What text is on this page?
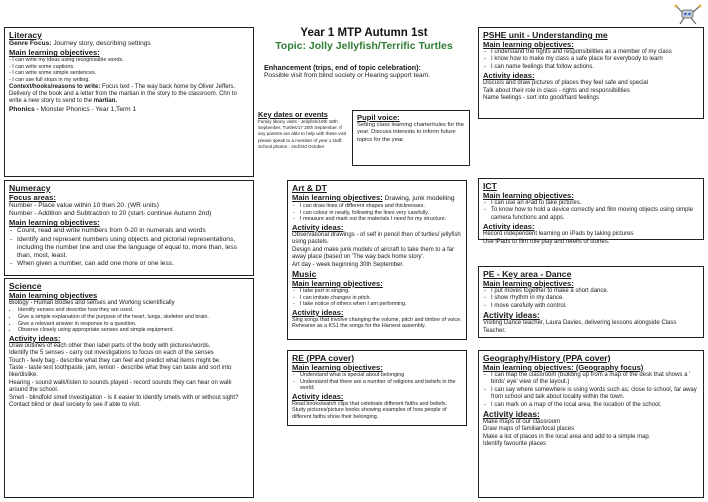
Literacy

Genre Focus: Journey story, describing settings

Main learning objectives:

- I can write my ideas using recognisable words.

- I can write some captions.

- I can write some simple sentences.

- I can use full stops in my writing.

Context/hooks/reasons to write: Focus text - The way back home by Oliver Jeffers. Delivery of the book and a letter from the martian in the story to the classroom. Chn to write a new story to send to the martian.

Phonics - Monster Phonics - Year 1,Term 1

Year 1 MTP Autumn 1st

Topic: Jolly Jellyfish/Terrific Turtles

Enhancement (trips, end of topic celebration):

Possible visit from blind society or Hearing support team.

Key dates or events

Family library visits - Jellyfish/19th 18th September, Turtles/17 20th September. If any parents are able to help with these visit please speak to a member of year 1 staff. School photos - 2nd/3rd October

Pupil voice:

Setting class learning charter/rules for the year. Discuss interests to inform future topics for the year.

Numeracy

Focus areas:

Number - Place value within 10 then 20. (WR units)

Number - Addition and Subtraction to 20 (start- continue Autumn 2nd)

Main learning objectives:

- Count, read and write numbers from 0-20 in numerals and words
- Identify and represent numbers using objects and pictorial representations, including the number line and use the language of equal to, more than, less than, most, least.
- When given a number, can add one more or one less.

Science

Main learning objectives

Biology - Human Bodies and senses and Working scientifically

• Identify senses and describe how they are used.
• Give a simple explanation of the purpose of the heart, lungs, skeleton and brain.
• Give a relevant answer in response to a question.
• Observe closely using appropriate senses and simple equipment.

Activity ideas:

Draw outlines of each other then label parts of the body with pictures/words.

Identify the 5 senses - carry out investigations to focus on each of the senses

Touch - feely bag - describe what they can feel and predict what items might be.

Taste - taste test toothpaste, jam, lemon - describe what they can taste and sort into like/dislike.

Hearing - sound walk/listen to sounds played - record sounds they can hear on walk around the school.

Smell - blindfold smell investigation - is it easier to identify smells with or without sight?

Contact blind or deaf society to see if able to visit.

Art & DT

Main learning objectives: Drawing, junk modelling

- I can draw lines of different shapes and thicknesses.
- I can colour in neatly, following the lines very carefully.
- I measure and mark out the materials I need for my structure.

Activity ideas:

Observational drawings - of self in pencil then of turtles/ jellyfish using pastels.

Design and make junk models of aircraft to take them to a far away place (based on 'The way back home story'.

Art day - week beginning 30th September.

Music

Main learning objectives:

- I take part in singing.
- I can imitate changes in pitch.
- I take notice of others when I am performing.

Activity ideas:

Sing songs that involve changing the volume, pitch and timbre of voice. Rehearse as a KS1 the songs for the Harvest assembly.

RE (PPA cover)

Main learning objectives:

- Understand what is special about belonging
- Understand that there are a number of religions and beliefs in the world;

Activity ideas:

Read books/watch clips that celebrate different faiths and beliefs.

Study pictures/picture books showing examples of how people of different faiths show their belonging.

PSHE unit - Understanding me

Main learning objectives:

- I understand the rights and responsibilities as a member of my class
- I know how to make my class a safe place for everybody to learn
- I can name feelings that follow actions.

Activity ideas:

Discuss and draw pictures of places they feel safe and special

Talk about their role in class - rights and responsibilities

Name feelings - sort into good/hard feelings

ICT

Main learning objectives:

- I can use an iPad to take pictures.
- To know how to hold a device correctly and film moving objects using simple camera functions and apps.

Activity ideas:

Record independent learning on iPads by taking pictures

Use iPads to film role play and retells of stories.

PE - Key area - Dance

Main learning objectives:

- I put moves together to make a short dance.
- I show rhythm in my dance.
- I move carefully with control.

Activity ideas:

Visiting Dance teacher, Laura Davies, delivering lessons alongside Class Teacher.

Geography/History (PPA cover)

Main learning objectives: (Geography focus)

- I can map the classroom (building up from a map of the desk that shows a ' birds' eye' view of the layout.)
- I can say where somewhere is using words such as; close to school, far away from school and talk about locality within the town.
- I can mark on a map of the local area, the location of the school.

Activity ideas:

Make maps of our classroom

Draw maps of familiar/local places

Make a list of places in the local area and add to a simple map.

Identify favourite places
